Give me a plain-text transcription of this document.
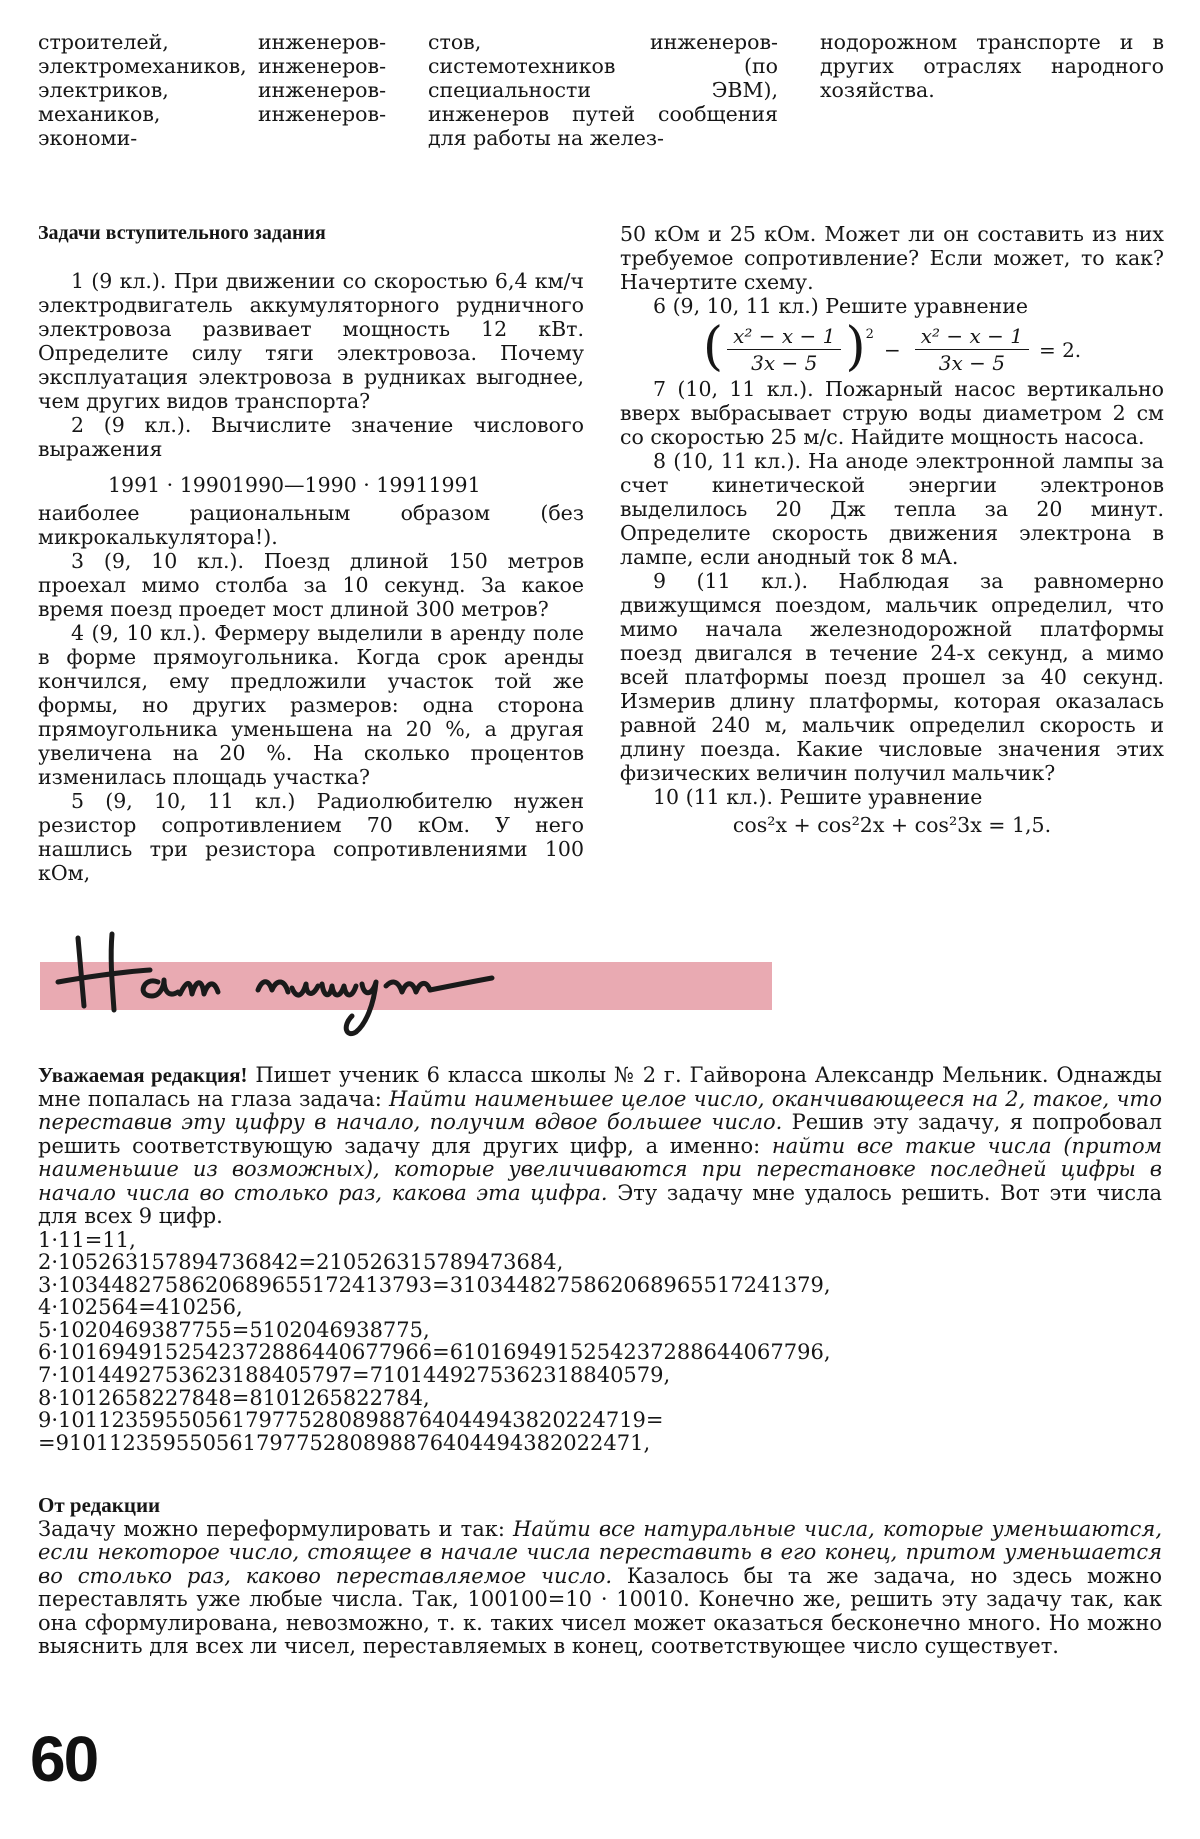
строителей, инженеров-электромехаников, инженеров-электриков, инженеров-механиков, инженеров-экономи-

стов, инженеров-системотехников (по специальности ЭВМ), инженеров путей сообщения для работы на желез-

нодорожном транспорте и в других отраслях народного хозяйства.

Задачи вступительного задания

1 (9 кл.). При движении со скоростью 6,4 км/ч электродвигатель аккумуляторного рудничного электровоза развивает мощность 12 кВт. Определите силу тяги электровоза. Почему эксплуатация электровоза в рудниках выгоднее, чем других видов транспорта?

2 (9 кл.). Вычислите значение числового выражения

1991 · 19901990—1990 · 19911991

наиболее рациональным образом (без микрокалькулятора!).

3 (9, 10 кл.). Поезд длиной 150 метров проехал мимо столба за 10 секунд. За какое время поезд проедет мост длиной 300 метров?

4 (9, 10 кл.). Фермеру выделили в аренду поле в форме прямоугольника. Когда срок аренды кончился, ему предложили участок той же формы, но других размеров: одна сторона прямоугольника уменьшена на 20 %, а другая увеличена на 20 %. На сколько процентов изменилась площадь участка?

5 (9, 10, 11 кл.) Радиолюбителю нужен резистор сопротивлением 70 кОм. У него нашлись три резистора сопротивлениями 100 кОм,

50 кОм и 25 кОм. Может ли он составить из них требуемое сопротивление? Если может, то как? Начертите схему.

6 (9, 10, 11 кл.) Решите уравнение

( $\frac{\text{x² − x − 1}}{3x - 5}$ ) 2
− $\frac{\text{x² − x − 1}}{3x - 5} = 2$.

7 (10, 11 кл.). Пожарный насос вертикально вверх выбрасывает струю воды диаметром 2 см со скоростью 25 м/с. Найдите мощность насоса.

8 (10, 11 кл.). На аноде электронной лампы за счет кинетической энергии электронов выделилось 20 Дж тепла за 20 минут. Определите скорость движения электрона в лампе, если анодный ток 8 мА.

9 (11 кл.). Наблюдая за равномерно движущимся поездом, мальчик определил, что мимо начала железнодорожной платформы поезд двигался в течение 24-х секунд, а мимо всей платформы поезд прошел за 40 секунд. Измерив длину платформы, которая оказалась равной 240 м, мальчик определил скорость и длину поезда. Какие числовые значения этих физических величин получил мальчик?

10 (11 кл.). Решите уравнение

cos²x + cos²2x + cos²3x = 1,5.

Уважаемая редакция! Пишет ученик 6 класса школы № 2 г. Гайворона Александр Мельник. Однажды мне попалась на глаза задача: Найти наименьшее целое число, оканчивающееся на 2, такое, что переставив эту цифру в начало, получим вдвое большее число. Решив эту задачу, я попробовал решить соответствующую задачу для других цифр, а именно: найти все такие числа (притом наименьшие из возможных), которые увеличиваются при перестановке последней цифры в начало числа во столько раз, какова эта цифра. Эту задачу мне удалось решить. Вот эти числа для всех 9 цифр.

1·11=11,

2·105263157894736842=210526315789473684,

3·1034482758620689655172413793=3103448275862068965517241379,

4·102564=410256,

5·1020469387755=5102046938775,

6·1016949152542372886440677966=6101694915254237288644067796,

7·1014492753623188405797=7101449275362318840579,

8·1012658227848=8101265822784,

9·10112359550561797752808988764044943820224719=

=91011235955056179775280898876404494382022471,

От редакции

Задачу можно переформулировать и так: Найти все натуральные числа, которые уменьшаются, если некоторое число, стоящее в начале числа переставить в его конец, притом уменьшается во столько раз, каково переставляемое число. Казалось бы та же задача, но здесь можно переставлять уже любые числа. Так, 100100=10 · 10010. Конечно же, решить эту задачу так, как она сформулирована, невозможно, т. к. таких чисел может оказаться бесконечно много. Но можно выяснить для всех ли чисел, переставляемых в конец, соответствующее число существует.

60
